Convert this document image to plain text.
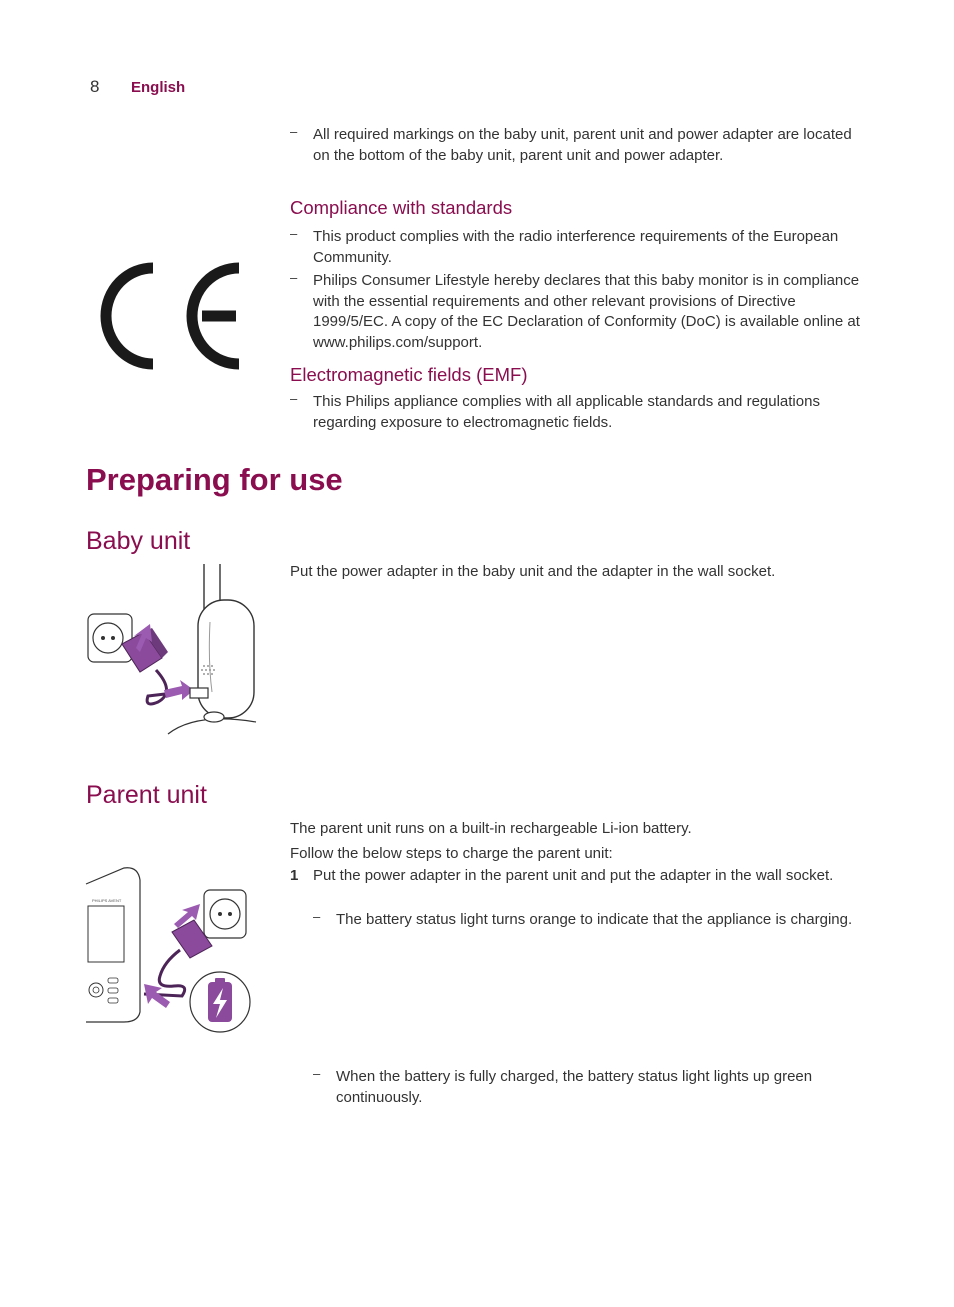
8 English
– All required markings on the baby unit, parent unit and power adapter are located on the bottom of the baby unit, parent unit and power adapter.
Compliance with standards
– This product complies with the radio interference requirements of the European Community.
– Philips Consumer Lifestyle hereby declares that this baby monitor is in compliance with the essential requirements and other relevant provisions of Directive 1999/5/EC. A copy of the EC Declaration of Conformity (DoC) is available online at www.philips.com/support.
Electromagnetic fields (EMF)
– This Philips appliance complies with all applicable standards and regulations regarding exposure to electromagnetic fields.
Preparing for use
Baby unit
Put the power adapter in the baby unit and the adapter in the wall socket.
Parent unit
The parent unit runs on a built-in rechargeable Li-ion battery.
Follow the below steps to charge the parent unit:
1 Put the power adapter in the parent unit and put the adapter in the wall socket.
– The battery status light turns orange to indicate that the appliance is charging.
– When the battery is fully charged, the battery status light lights up green continuously.
PHILIPS AVENT
